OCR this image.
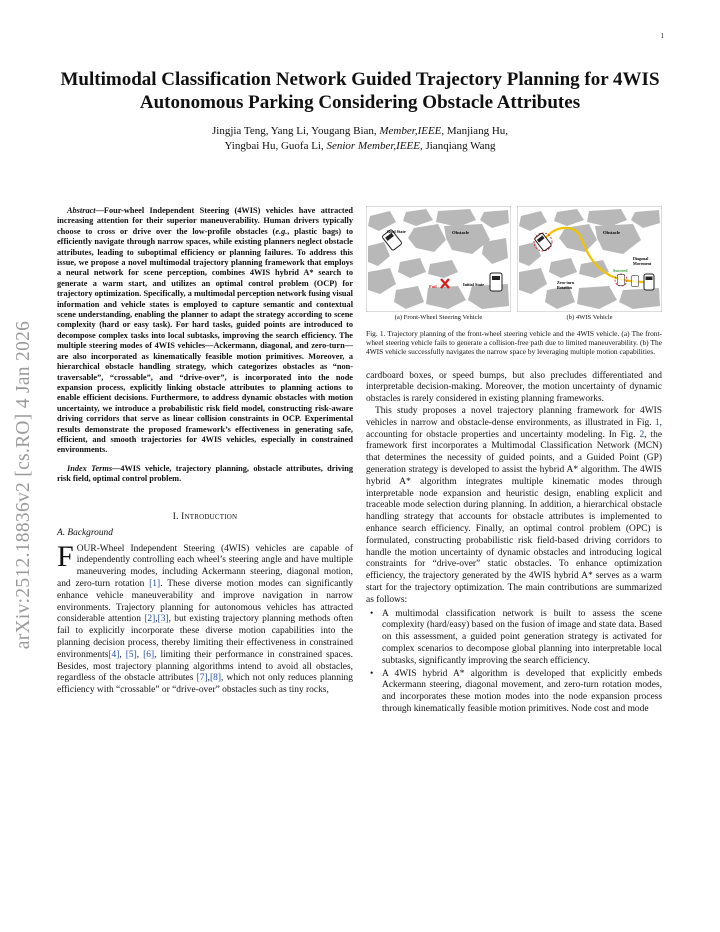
1
arXiv:2512.18836v2 [cs.RO] 4 Jan 2026
Multimodal Classification Network Guided Trajectory Planning for 4WIS Autonomous Parking Considering Obstacle Attributes
Jingjia Teng, Yang Li, Yougang Bian, Member,IEEE, Manjiang Hu,
Yingbai Hu, Guofa Li, Senior Member,IEEE, Jianqiang Wang

Abstract—Four-wheel Independent Steering (4WIS) vehicles have attracted increasing attention for their superior maneuverability. Human drivers typically choose to cross or drive over the low-profile obstacles (e.g., plastic bags) to efficiently navigate through narrow spaces, while existing planners neglect obstacle attributes, leading to suboptimal efficiency or planning failures. To address this issue, we propose a novel multimodal trajectory planning framework that employs a neural network for scene perception, combines 4WIS hybrid A* search to generate a warm start, and utilizes an optimal control problem (OCP) for trajectory optimization. Specifically, a multimodal perception network fusing visual information and vehicle states is employed to capture semantic and contextual scene understanding, enabling the planner to adapt the strategy according to scene complexity (hard or easy task). For hard tasks, guided points are introduced to decompose complex tasks into local subtasks, improving the search efficiency. The multiple steering modes of 4WIS vehicles—Ackermann, diagonal, and zero-turn—are also incorporated as kinematically feasible motion primitives. Moreover, a hierarchical obstacle handling strategy, which categorizes obstacles as “non-traversable”, “crossable”, and “drive-over”, is incorporated into the node expansion process, explicitly linking obstacle attributes to planning actions to enable efficient decisions. Furthermore, to address dynamic obstacles with motion uncertainty, we introduce a probabilistic risk field model, constructing risk-aware driving corridors that serve as linear collision constraints in OCP. Experimental results demonstrate the proposed framework’s effectiveness in generating safe, efficient, and smooth trajectories for 4WIS vehicles, especially in constrained environments.

Index Terms—4WIS vehicle, trajectory planning, obstacle attributes, driving risk field, optimal control problem.

I. Introduction
A. Background

FOUR-Wheel Independent Steering (4WIS) vehicles are capable of independently controlling each wheel’s steering angle and have multiple maneuvering modes, including Ackermann steering, diagonal motion, and zero-turn rotation [1]. These diverse motion modes can significantly enhance vehicle maneuverability and improve navigation in narrow environments. Trajectory planning for autonomous vehicles has attracted considerable attention [2],[3], but existing trajectory planning methods often fail to explicitly incorporate these diverse motion capabilities into the planning decision process, thereby limiting their effectiveness in constrained environments[4], [5], [6], limiting their performance in constrained spaces. Besides, most trajectory planning algorithms intend to avoid all obstacles, regardless of the obstacle attributes [7],[8], which not only reduces planning efficiency with “crossable” or “drive-over” obstacles such as tiny rocks,

Goal State	Obstacle
Fail	Initial State
(a) Front-Wheel Steering Vehicle
Obstacle
Diagonal
Movement
Succeed
Zero-turn
Rotation
(b) 4WIS Vehicle
Fig. 1. Trajectory planning of the front-wheel steering vehicle and the 4WIS vehicle. (a) The front-wheel steering vehicle fails to generate a collision-free path due to limited maneuverability. (b) The 4WIS vehicle successfully navigates the narrow space by leveraging multiple motion capabilities.

cardboard boxes, or speed bumps, but also precludes differentiated and interpretable decision-making. Moreover, the motion uncertainty of dynamic obstacles is rarely considered in existing planning frameworks.

This study proposes a novel trajectory planning framework for 4WIS vehicles in narrow and obstacle-dense environments, as illustrated in Fig. 1, accounting for obstacle properties and uncertainty modeling. In Fig. 2, the framework first incorporates a Multimodal Classification Network (MCN) that determines the necessity of guided points, and a Guided Point (GP) generation strategy is developed to assist the hybrid A* algorithm. The 4WIS hybrid A* algorithm integrates multiple kinematic modes through interpretable node expansion and heuristic design, enabling explicit and traceable mode selection during planning. In addition, a hierarchical obstacle handling strategy that accounts for obstacle attributes is implemented to enhance search efficiency. Finally, an optimal control problem (OPC) is formulated, constructing probabilistic risk field-based driving corridors to handle the motion uncertainty of dynamic obstacles and introducing logical constraints for “drive-over” static obstacles. To enhance optimization efficiency, the trajectory generated by the 4WIS hybrid A* serves as a warm start for the trajectory optimization. The main contributions are summarized as follows:

• A multimodal classification network is built to assess the scene complexity (hard/easy) based on the fusion of image and state data. Based on this assessment, a guided point generation strategy is activated for complex scenarios to decompose global planning into interpretable local subtasks, significantly improving the search efficiency.
• A 4WIS hybrid A* algorithm is developed that explicitly embeds Ackermann steering, diagonal movement, and zero-turn rotation modes, and incorporates these motion modes into the node expansion process through kinematically feasible motion primitives. Node cost and mode
